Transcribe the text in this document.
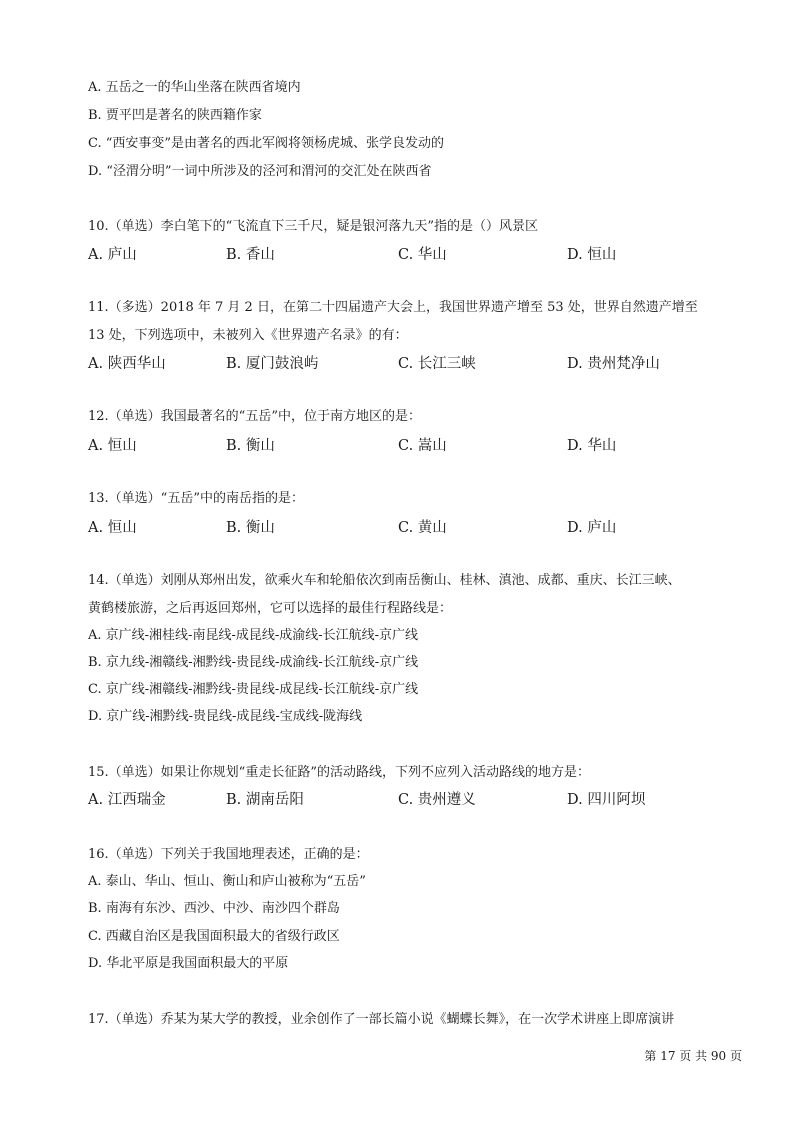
A. 五岳之一的华山坐落在陕西省境内
B. 贾平凹是著名的陕西籍作家
C. “西安事变”是由著名的西北军阀将领杨虎城、张学良发动的
D. “泾渭分明”一词中所涉及的泾河和渭河的交汇处在陕西省
10.（单选）李白笔下的“飞流直下三千尺，疑是银河落九天”指的是（）风景区
A. 庐山	B. 香山	C. 华山	D. 恒山
11.（多选）2018 年 7 月 2 日，在第二十四届遗产大会上，我国世界遗产增至 53 处，世界自然遗产增至
13 处，下列选项中，未被列入《世界遗产名录》的有：
A. 陕西华山	B. 厦门鼓浪屿	C. 长江三峡	D. 贵州梵净山
12.（单选）我国最著名的“五岳”中，位于南方地区的是：
A. 恒山	B. 衡山	C. 嵩山	D. 华山
13.（单选）“五岳”中的南岳指的是：
A. 恒山	B. 衡山	C. 黄山	D. 庐山
14.（单选）刘刚从郑州出发，欲乘火车和轮船依次到南岳衡山、桂林、滇池、成都、重庆、长江三峡、
黄鹤楼旅游，之后再返回郑州，它可以选择的最佳行程路线是：
A. 京广线-湘桂线-南昆线-成昆线-成渝线-长江航线-京广线
B. 京九线-湘赣线-湘黔线-贵昆线-成渝线-长江航线-京广线
C. 京广线-湘赣线-湘黔线-贵昆线-成昆线-长江航线-京广线
D. 京广线-湘黔线-贵昆线-成昆线-宝成线-陇海线
15.（单选）如果让你规划“重走长征路”的活动路线，下列不应列入活动路线的地方是：
A. 江西瑞金	B. 湖南岳阳	C. 贵州遵义	D. 四川阿坝
16.（单选）下列关于我国地理表述，正确的是：
A. 泰山、华山、恒山、衡山和庐山被称为“五岳”
B. 南海有东沙、西沙、中沙、南沙四个群岛
C. 西藏自治区是我国面积最大的省级行政区
D. 华北平原是我国面积最大的平原
17.（单选）乔某为某大学的教授，业余创作了一部长篇小说《蝴蝶长舞》，在一次学术讲座上即席演讲
第 17 页 共 90 页
